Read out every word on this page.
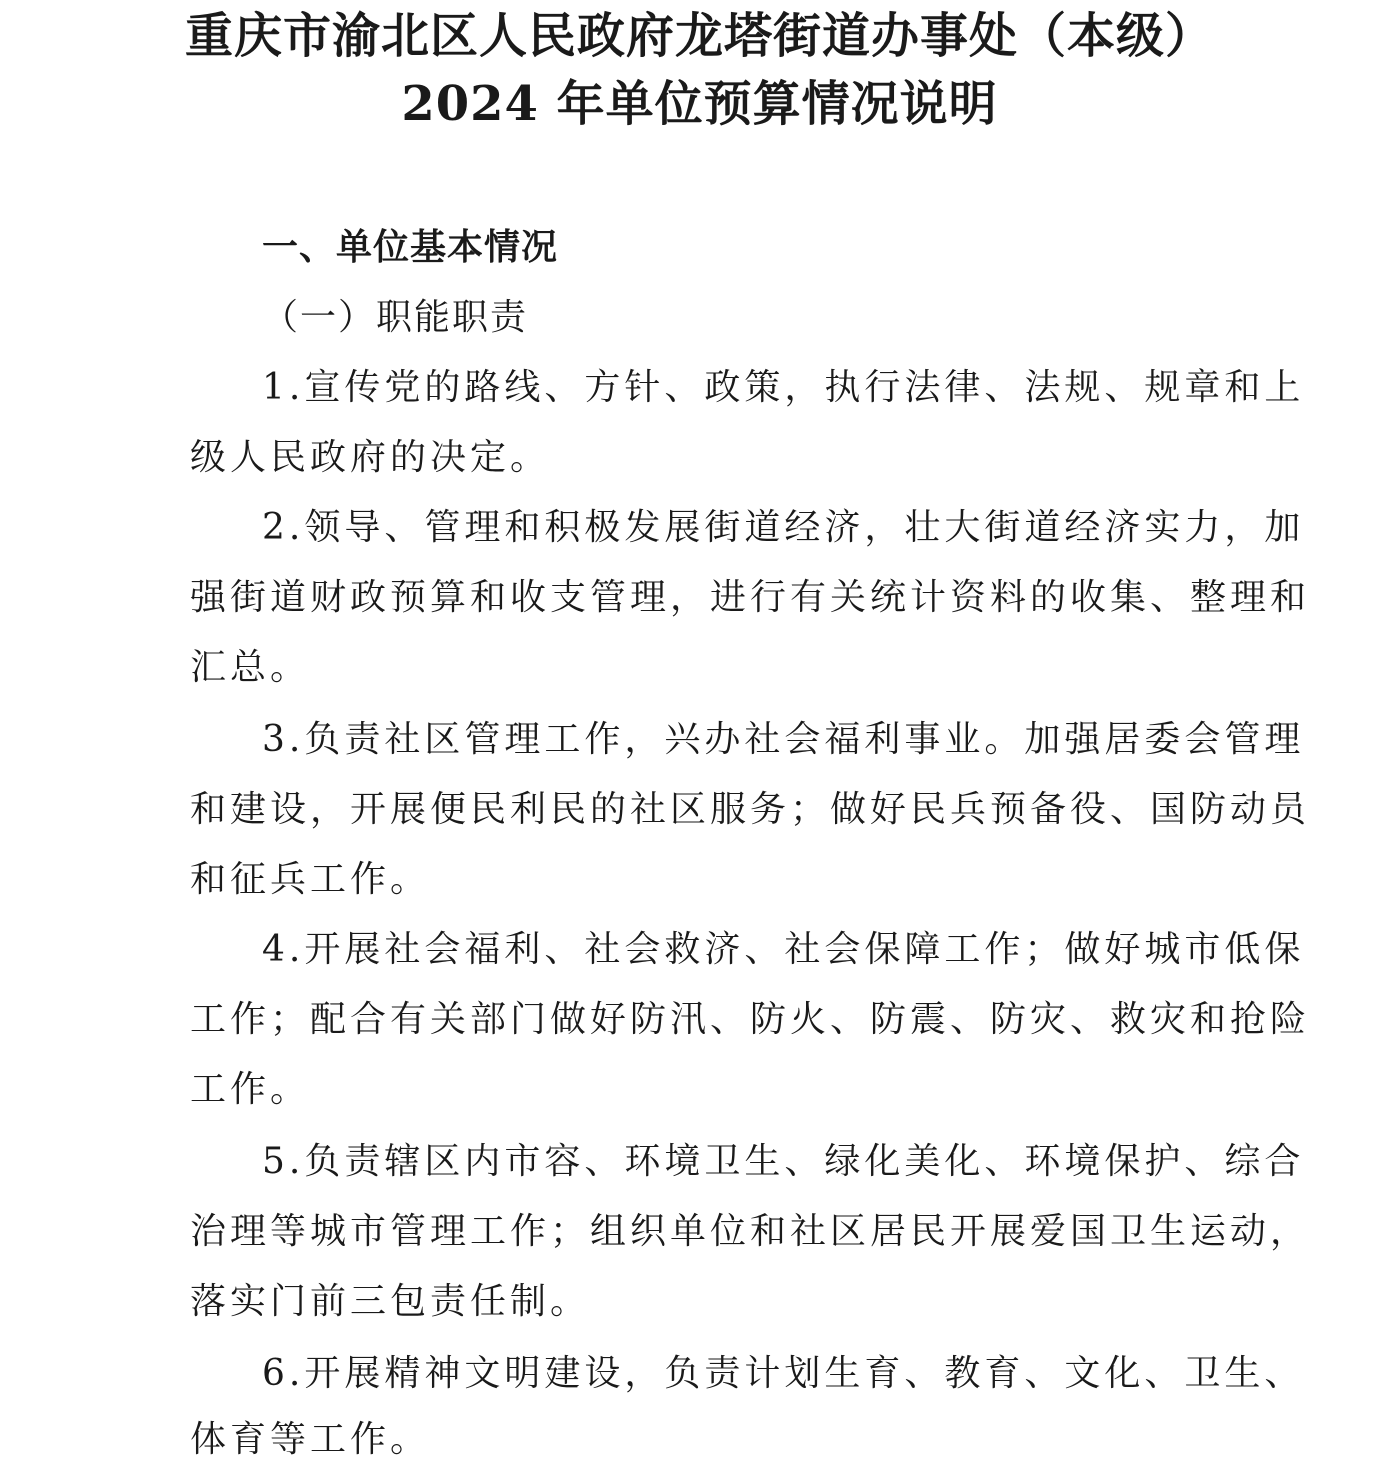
重庆市渝北区人民政府龙塔街道办事处（本级）
2024 年单位预算情况说明
一、单位基本情况
（一）职能职责
1.宣传党的路线、方针、政策，执行法律、法规、规章和上
级人民政府的决定。
2.领导、管理和积极发展街道经济，壮大街道经济实力，加
强街道财政预算和收支管理，进行有关统计资料的收集、整理和
汇总。
3.负责社区管理工作，兴办社会福利事业。加强居委会管理
和建设，开展便民利民的社区服务；做好民兵预备役、国防动员
和征兵工作。
4.开展社会福利、社会救济、社会保障工作；做好城市低保
工作；配合有关部门做好防汛、防火、防震、防灾、救灾和抢险
工作。
5.负责辖区内市容、环境卫生、绿化美化、环境保护、综合
治理等城市管理工作；组织单位和社区居民开展爱国卫生运动，
落实门前三包责任制。
6.开展精神文明建设，负责计划生育、教育、文化、卫生、
体育等工作。
